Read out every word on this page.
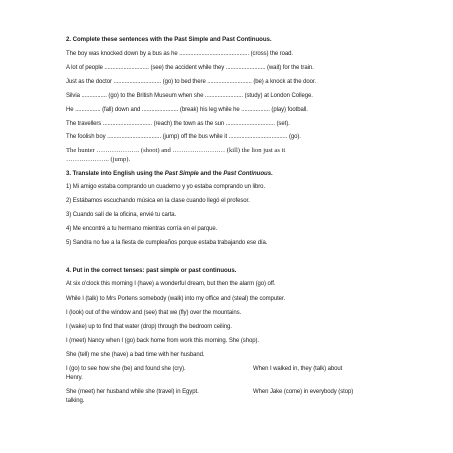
2. Complete these sentences with the Past Simple and Past Continuous.
The boy was knocked down by a bus as he ............................................ (cross) the road.
A lot of people ............................ (see) the accident while they ......................... (wait) for the train.
Just as the doctor .............................. (go) to bed there ............................ (be) a knock at the door.
Silvia ................ (go) to the British Museum when she ........................ (study) at London College.
He ................ (fall) down and ....................... (break) his leg while he .................. (play) football.
The travellers ............................... (reach) the town as the sun ............................... (set).
The foolish boy .................................. (jump) off the bus while it ..................................... (go).
The hunter ……………….. (shoot) and …………………… (kill) the lion just as it
……………….. (jump).
3. Translate into English using the Past Simple and the Past Continuous.
1) Mi amigo estaba comprando un cuaderno y yo estaba comprando un libro.
2) Estábamos escuchando música en la clase cuando llegó el profesor.
3) Cuando salí de la oficina, envié tu carta.
4) Me encontré a tu hermano mientras corría en el parque.
5) Sandra no fue a la fiesta de cumpleaños porque estaba trabajando ese día.
4. Put in the correct tenses: past simple or past continuous.
At six o'clock this morning I (have) a wonderful dream, but then the alarm (go) off.
While I (talk) to Mrs Portens somebody (walk) into my office and (steal) the computer.
I (look) out of the window and (see) that we (fly) over the mountains.
I (wake) up to find that water (drop) through the bedroom ceiling.
I (meet) Nancy when I (go) back home from work this morning. She (shop).
She (tell) me she (have) a bad time with her husband.
I (go) to see how she (be) and found she (cry).	When I walked in, they (talk) about
Henry.
She (meet) her husband while she (travel) in Egypt.	When Jake (come) in everybody (stop)
talking.
